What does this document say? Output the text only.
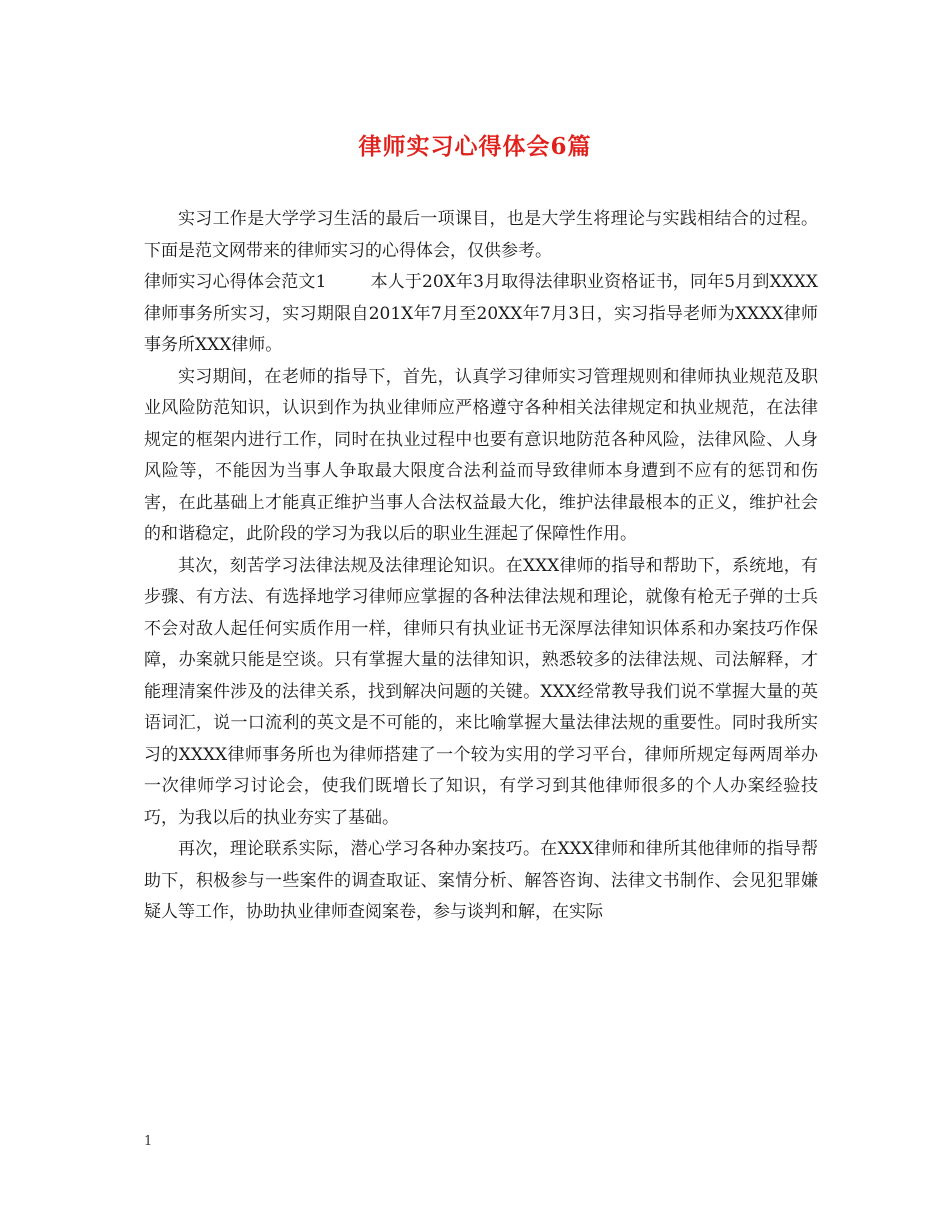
律师实习心得体会6篇

实习工作是大学学习生活的最后一项课目，也是大学生将理论与实践相结合的过程。下面是范文网带来的律师实习的心得体会，仅供参考。

律师实习心得体会范文1	本人于20X年3月取得法律职业资格证书，同年5月到XXXX律师事务所实习，实习期限自201X年7月至20XX年7月3日，实习指导老师为XXXX律师事务所XXX律师。

实习期间，在老师的指导下，首先，认真学习律师实习管理规则和律师执业规范及职业风险防范知识，认识到作为执业律师应严格遵守各种相关法律规定和执业规范，在法律规定的框架内进行工作，同时在执业过程中也要有意识地防范各种风险，法律风险、人身风险等，不能因为当事人争取最大限度合法利益而导致律师本身遭到不应有的惩罚和伤害，在此基础上才能真正维护当事人合法权益最大化，维护法律最根本的正义，维护社会的和谐稳定，此阶段的学习为我以后的职业生涯起了保障性作用。

其次，刻苦学习法律法规及法律理论知识。在XXX律师的指导和帮助下，系统地，有步骤、有方法、有选择地学习律师应掌握的各种法律法规和理论，就像有枪无子弹的士兵不会对敌人起任何实质作用一样，律师只有执业证书无深厚法律知识体系和办案技巧作保障，办案就只能是空谈。只有掌握大量的法律知识，熟悉较多的法律法规、司法解释，才能理清案件涉及的法律关系，找到解决问题的关键。XXX经常教导我们说不掌握大量的英语词汇，说一口流利的英文是不可能的，来比喻掌握大量法律法规的重要性。同时我所实习的XXXX律师事务所也为律师搭建了一个较为实用的学习平台，律师所规定每两周举办一次律师学习讨论会，使我们既增长了知识，有学习到其他律师很多的个人办案经验技巧，为我以后的执业夯实了基础。

再次，理论联系实际，潜心学习各种办案技巧。在XXX律师和律所其他律师的指导帮助下，积极参与一些案件的调查取证、案情分析、解答咨询、法律文书制作、会见犯罪嫌疑人等工作，协助执业律师查阅案卷，参与谈判和解，在实际

1
